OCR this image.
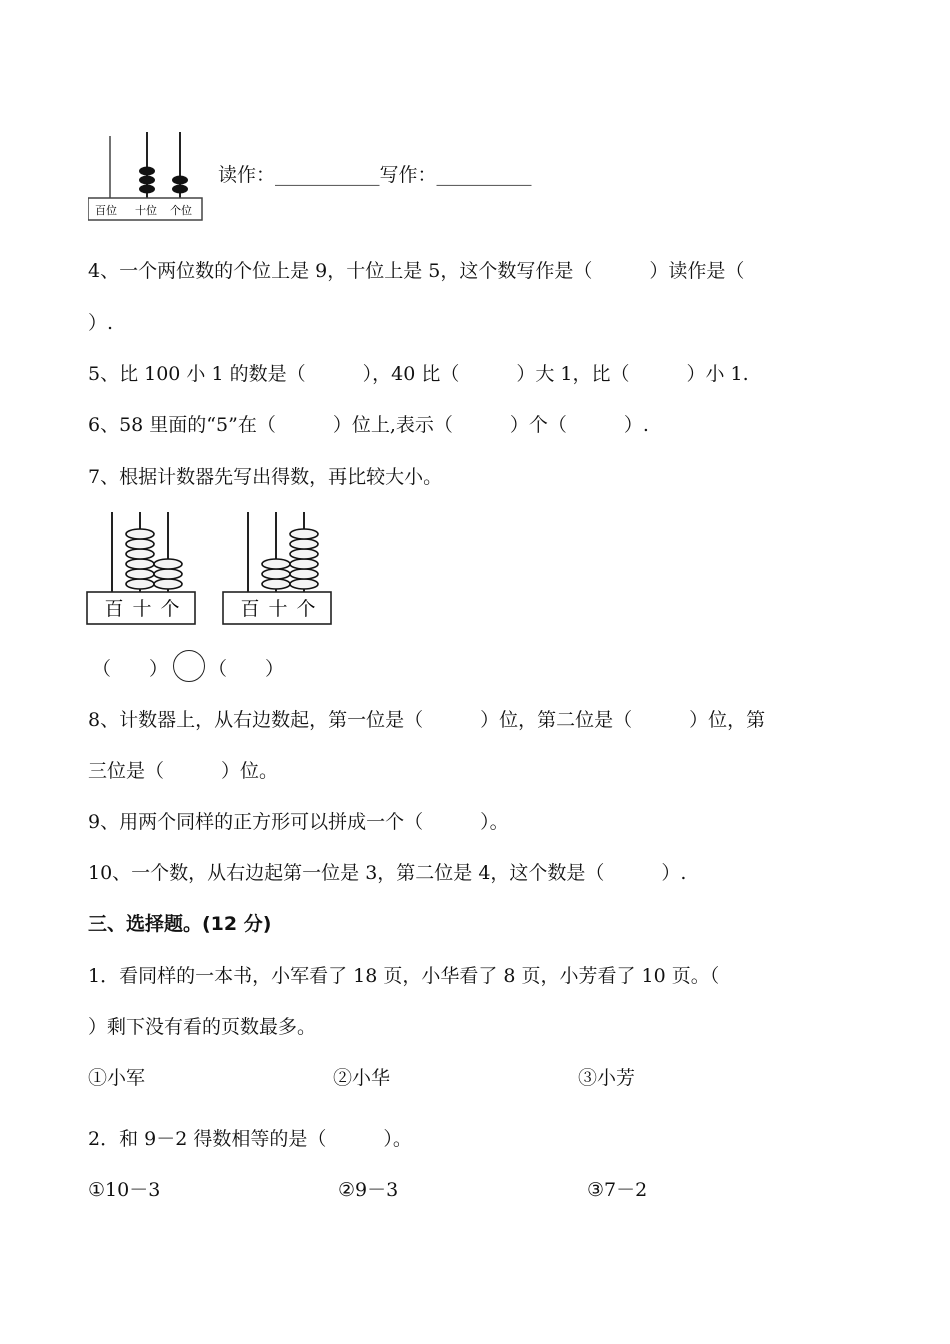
百位 十位 个位
读作：___________写作：__________
4、一个两位数的个位上是 9，十位上是 5，这个数写作是（　　　）读作是（
）.
5、比 100 小 1 的数是（　　　），40 比（　　　）大 1，比（　　　）小 1.
6、58 里面的“5”在（　　　）位上,表示（　　　）个（　　　）.
7、根据计数器先写出得数，再比较大小。
百 十 个	百 十 个
（　　） （　　）
8、计数器上，从右边数起，第一位是（　　　）位，第二位是（　　　）位，第
三位是（　　　）位。
9、用两个同样的正方形可以拼成一个（　　　）。
10、一个数，从右边起第一位是 3，第二位是 4，这个数是（　　　）.
三、选择题。(12 分)
1．看同样的一本书，小军看了 18 页，小华看了 8 页，小芳看了 10 页。（
）剩下没有看的页数最多。
①小军	②小华	③小芳
2．和 9－2 得数相等的是（　　　）。
①10－3	②9－3	③7－2
